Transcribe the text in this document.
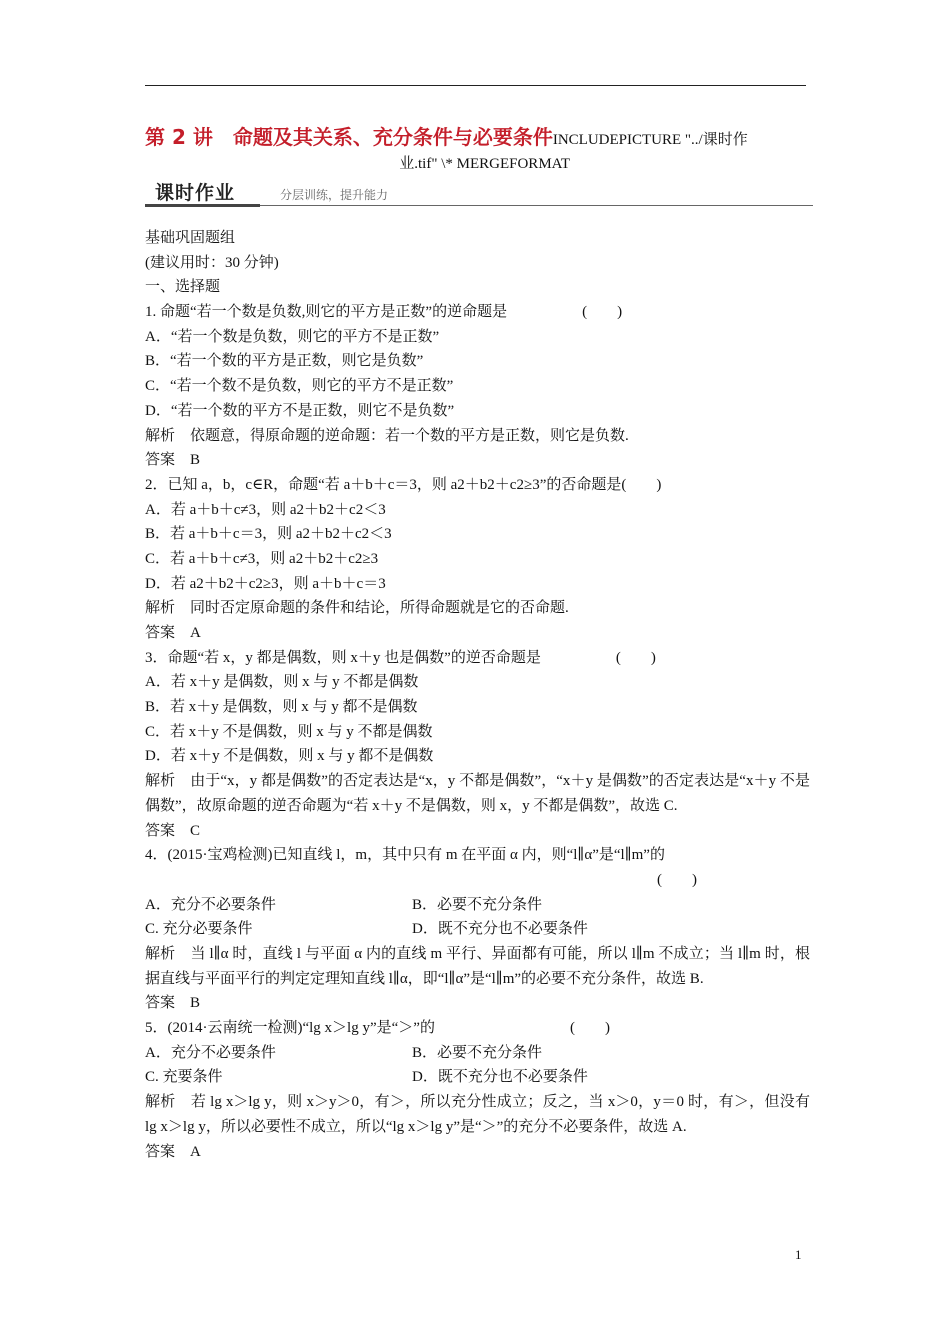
第 2 讲　命题及其关系、充分条件与必要条件INCLUDEPICTURE "../课时作
业.tif" \* MERGEFORMAT
课时作业	分层训练，提升能力
基础巩固题组
(建议用时：30 分钟)
一、选择题
1. 命题“若一个数是负数,则它的平方是正数”的逆命题是　　　　　(　　)
A．“若一个数是负数，则它的平方不是正数”
B．“若一个数的平方是正数，则它是负数”
C．“若一个数不是负数，则它的平方不是正数”
D．“若一个数的平方不是正数，则它不是负数”
解析　依题意，得原命题的逆命题：若一个数的平方是正数，则它是负数.
答案　B
2．已知 a，b，c∈R，命题“若 a＋b＋c＝3，则 a2＋b2＋c2≥3”的否命题是(　　)
A．若 a＋b＋c≠3，则 a2＋b2＋c2＜3
B．若 a＋b＋c＝3，则 a2＋b2＋c2＜3
C．若 a＋b＋c≠3，则 a2＋b2＋c2≥3
D．若 a2＋b2＋c2≥3，则 a＋b＋c＝3
解析　同时否定原命题的条件和结论，所得命题就是它的否命题.
答案　A
3．命题“若 x，y 都是偶数，则 x＋y 也是偶数”的逆否命题是　　　　　(　　)
A．若 x＋y 是偶数，则 x 与 y 不都是偶数
B．若 x＋y 是偶数，则 x 与 y 都不是偶数
C．若 x＋y 不是偶数，则 x 与 y 不都是偶数
D．若 x＋y 不是偶数，则 x 与 y 都不是偶数
解析　由于“x，y 都是偶数”的否定表达是“x，y 不都是偶数”，“x＋y 是偶数”的否定表达是“x＋y 不是偶数”，故原命题的逆否命题为“若 x＋y 不是偶数，则 x，y 不都是偶数”，故选 C.
答案　C
4．(2015·宝鸡检测)已知直线 l，m，其中只有 m 在平面 α 内，则“l∥α”是“l∥m”的
(　　)
A．充分不必要条件	B．必要不充分条件
C. 充分必要条件	D．既不充分也不必要条件
解析　当 l∥α 时，直线 l 与平面 α 内的直线 m 平行、异面都有可能，所以 l∥m 不成立；当 l∥m 时，根据直线与平面平行的判定定理知直线 l∥α，即“l∥α”是“l∥m”的必要不充分条件，故选 B.
答案　B
5．(2014·云南统一检测)“lg x＞lg y”是“＞”的　　　　　　　　　(　　)
A．充分不必要条件	B．必要不充分条件
C. 充要条件	D．既不充分也不必要条件
解析　若 lg x＞lg y，则 x＞y＞0，有＞，所以充分性成立；反之，当 x＞0，y＝0 时，有＞，但没有 lg x＞lg y，所以必要性不成立，所以“lg x＞lg y”是“＞”的充分不必要条件，故选 A.
答案　A
1
